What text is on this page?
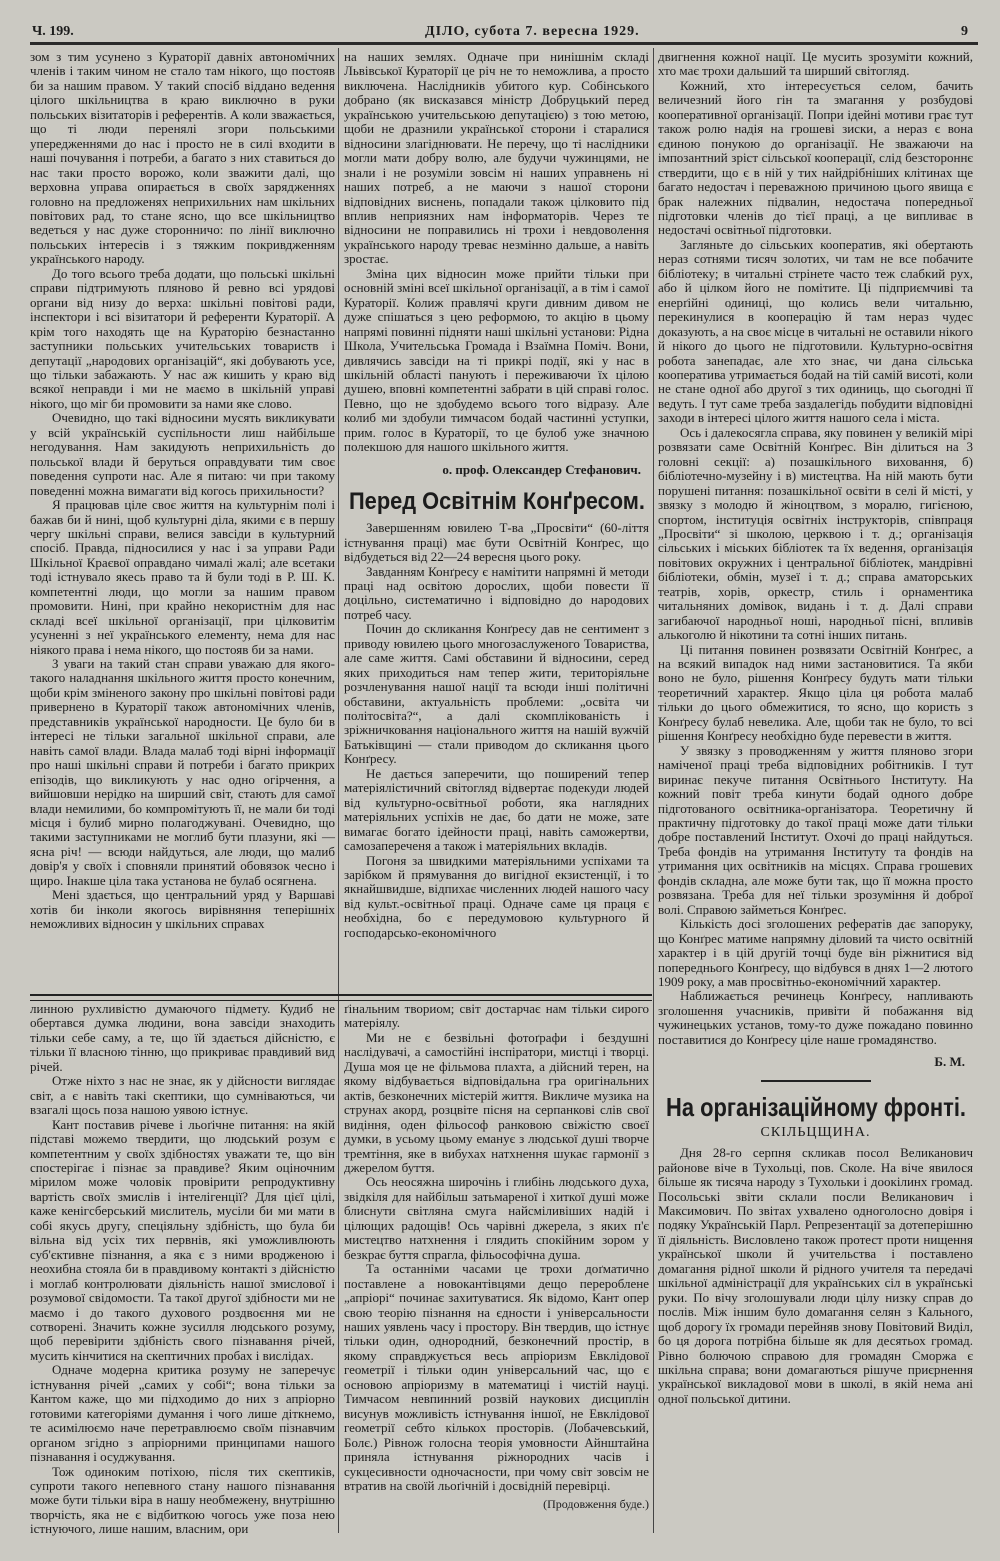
Ч. 199.	ДІЛО, субота 7. вересна 1929.	9

зом з тим усунено з Кураторії давніх автономічних членів і таким чином не стало там нікого, що постояв би за нашим правом. У такий спосіб віддано ведення цілого шкільництва в краю виключно в руки польських візитаторів і референтів. А коли зважається, що ті люди перенялі згори польськими упередженнями до нас і просто не в силі входити в наші почування і потреби, а багато з них ставиться до нас таки просто ворожо, коли зважити далі, що верховна управа опирається в своїх зарядженнях головно на предложенях неприхильних нам шкільних повітових рад, то стане ясно, що все шкільництво ведеться у нас дуже сторонничо: по лінії виключно польських інтересів і з тяжким покривдженням українського народу.

До того всього треба додати, що польські шкільні справи підтримують пляново й ревно всі урядові органи від низу до верха: шкільні повітові ради, інспектори і всі візитатори й референти Кураторії. А крім того находять ще на Кураторію безнастанно заступники польських учительських товариств і депутації „народових організацій“, які добувають усе, що тільки забажають. У нас аж кишить у краю від всякої неправди і ми не маємо в шкільній управі нікого, що міг би промовити за нами яке слово.

Очевидно, що такі відносини мусять викликувати у всій українській суспільности лиш найбільше негодування. Нам закидують неприхильність до польської влади й беруться оправдувати тим своє поведення супроти нас. Але я питаю: чи при такому поведенні можна вимагати від когось прихильности?

Я працював ціле своє життя на культурнім полі і бажав би й нині, щоб культурні діла, якими є в першу чергу шкільні справи, велися завсіди в культурний спосіб. Правда, підносилися у нас і за управи Ради Шкільної Краєвої оправдано чималі жалі; але всетаки тоді істнувало якесь право та й були тоді в Р. Ш. К. компетентні люди, що могли за нашим правом промовити. Нині, при крайно некористнім для нас складі всеї шкільної організації, при цілковитім усуненні з неї українського елементу, нема для нас ніякого права і нема нікого, що постояв би за нами.

З уваги на такий стан справи уважаю для якого-такого наладнання шкільного життя просто конечним, щоби крім зміненого закону про шкільні повітові ради привернено в Кураторії також автономічних членів, представників української народности. Це було би в інтересі не тільки загальної шкільної справи, але навіть самої влади. Влада малаб тоді вірні інформації про наші шкільні справи й потреби і багато прикрих епізодів, що викликують у нас одно огірчення, а вийшовши нерідко на ширший світ, стають для самої влади немилими, бо компромітують її, не мали би тоді місця і булиб мирно полагоджувані. Очевидно, що такими заступниками не моглиб бути плазуни, які — ясна річ! — всюди найдуться, але люди, що малиб довір'я у своїх і сповняли принятий обовязок чесно і щиро. Інакше ціла така установа не булаб осягнена.

Мені здається, що центральний уряд у Варшаві хотів би інколи якогось вирівняння теперішніх неможливих відносин у шкільних справах

на наших землях. Одначе при нинішнім складі Львівської Кураторії це річ не то неможлива, а просто виключена. Наслідників убитого кур. Собінського добрано (як висказався міністр Добруцький перед українською учительською депутацією) з тою метою, щоби не дразнили української сторони і старалися відносини злагіднювати. Не перечу, що ті наслідники могли мати добру волю, але будучи чужинцями, не знали і не розуміли зовсім ні наших управнень ні наших потреб, а не маючи з нашої сторони відповідних виснень, попадали також цілковито під вплив неприязних нам інформаторів. Через те відносини не поправились ні трохи і невдоволення українського народу треває незмінно дальше, а навіть зростає.

Зміна цих відносин може прийти тільки при основній зміні всеї шкільної організації, а в тім і самої Кураторії. Колиж правлячі круги дивним дивом не дуже спішаться з цею реформою, то акцію в цьому напрямі повинні підняти наші шкільні установи: Рідна Школа, Учительська Громада і Взаїмна Поміч. Вони, дивлячись завсіди на ті прикрі події, які у нас в шкільній області панують і переживаючи їх цілою душею, вповні компетентні забрати в цій справі голос. Певно, що не здобудемо всього того відразу. Але колиб ми здобули тимчасом бодай частинні уступки, прим. голос в Кураторії, то це булоб уже значною полекшою для нашого шкільного життя.

о. проф. Олександер Стефанович.
Перед Освітнім Конґресом.

Завершенням ювилею Т-ва „Просвіти“ (60-ліття істнування праці) має бути Освітній Конґрес, що відбудеться від 22—24 вересня цього року.

Завданням Конґресу є намітити напрямні й методи праці над освітою дорослих, щоби повести її доцільно, систематично і відповідно до народових потреб часу.

Почин до скликання Конґресу дав не сентимент з приводу ювилею цього многозаслуженого Товариства, але саме життя. Самі обставини й відносини, серед яких приходиться нам тепер жити, територіяльне розчленування нашої нації та всюди інші політичні обставини, актуальність проблеми: „освіта чи політосвіта?“, а далі скомплікованість і зріжничковання національного життя на нашій вужчій Батьківщині — стали приводом до скликання цього Конґресу.

Не дається заперечити, що поширений тепер матеріялістичний світогляд відвертає подекуди людей від культурно-освітньої роботи, яка наглядних матеріяльних успіхів не дає, бо дати не може, зате вимагає богато ідейности праці, навіть саможертви, самозапереченя а також і матеріяльних вкладів.

Погоня за швидкими матеріяльними успіхами та зарібком й прямування до вигідної екзистенції, і то якнайшвидше, відпихає численних людей нашого часу від культ.-освітньої праці. Одначе саме ця праця є необхідна, бо є передумовою культурного й господарсько-економічного

двигнення кожної нації. Це мусить зрозуміти кожний, хто має трохи дальший та ширший світогляд.

Кожний, хто інтересується селом, бачить величезний його гін та змагання у розбудові кооперативної організації. Попри ідейні мотиви грає тут також ролю надія на грошеві зиски, а нераз є вона єдиною понукою до організації. Не зважаючи на імпозантний зріст сільської кооперації, слід безстороннє ствердити, що є в ній у тих найдрібніших клітинах ще багато недостач і переважною причиною цього явища є брак належних підвалин, недостача попередньої підготовки членів до тієї праці, а це випливає в недостачі освітньої підготовки.

Загляньте до сільських кооператив, які обертають нераз сотнями тисяч золотих, чи там не все побачите бібліотеку; в читальні стрінете часто теж слабкий рух, або й цілком його не помітите. Ці підприємчиві та енерґійні одиниці, що колись вели читальню, перекинулися в кооперацію й там нераз чудес доказують, а на своє місце в читальні не оставили нікого й нікого до цього не підготовили. Культурно-освітня робота занепадає, але хто знає, чи дана сільська кооператива утримається бодай на тій самій висоті, коли не стане одної або другої з тих одиниць, що сьогодні її ведуть. І тут саме треба заздалегідь побудити відповідні заходи в інтересі цілого життя нашого села і міста.

Ось і далекосягла справа, яку повинен у великій мірі розвязати саме Освітній Конґрес. Він ділиться на 3 головні секції: а) позашкільного виховання, б) бібліотечно-музейну і в) мистецтва. На ній мають бути порушені питання: позашкільної освіти в селі й місті, у звязку з молодю й жіноцтвом, з моралю, гигієною, спортом, інституція освітніх інструкторів, співпраця „Просвіти“ зі школою, церквою і т. д.; організація сільських і міських бібліотек та їх ведення, організація повітових окружних і центральної бібліотек, мандрівні бібліотеки, обмін, музеї і т. д.; справа аматорських театрів, хорів, оркестр, стиль і орнаментика читальняних домівок, видань і т. д. Далі справи загибаючої народньої ноші, народньої пісні, впливів алькоголю й нікотини та сотні інших питань.

Ці питання повинен розвязати Освітній Конґрес, а на всякий випадок над ними застановитися. Та якби воно не було, рішення Конґресу будуть мати тільки теоретичний характер. Якщо ціла ця робота малаб тільки до цього обмежитися, то ясно, що користь з Конґресу булаб невелика. Але, щоби так не було, то всі рішення Конґресу необхідно буде перевести в життя.

У звязку з проводженням у життя пляново згори наміченої праці треба відповідних робітників. І тут виринає пекуче питання Освітнього Інституту. На кожний повіт треба кинути бодай одного добре підготованого освітника-організатора. Теоретичну й практичну підготовку до такої праці може дати тільки добре поставлений Інститут. Охочі до праці найдуться. Треба фондів на утримання Інституту та фондів на утримання цих освітників на місцях. Справа грошевих фондів складна, але може бути так, що її можна просто розвязана. Треба для неї тільки зрозуміння й доброї волі. Справою займеться Конґрес.

Кількість досі зголошених рефератів дає запоруку, що Конґрес матиме напрямну діловий та чисто освітній характер і в цій другій точці буде він ріжнитися від попереднього Конґресу, що відбувся в днях 1—2 лютого 1909 року, а мав просвітньо-економічний характер.

Наближається речинець Конґресу, напливають зголошення учасників, привіти й побажання від чужинецьких установ, тому-то дуже пожадано повинно поставитися до Конґресу ціле наше громадянство.

Б. М.
На організаційному фронті.
СКІЛЬЦЩИНА.

Дня 28-го серпня скликав посол Великанович районове віче в Тухольці, пов. Сколе. На віче явилося більше як тисяча народу з Тухольки і доокілинх громад. Посольські звіти склали посли Великанович і Максимович. По звітах ухвалено одноголосно довіря і подяку Українській Парл. Репрезентації за дотеперішню її діяльність. Висловлено також протест проти нищення української школи й учительства і поставлено домагання рідної школи й рідного учителя та передачі шкільної адміністрації для українських сіл в українські руки. По вічу зголошували люди цілу низку справ до послів. Між іншим було домагання селян з Кального, щоб дорогу їх громади перейняв знову Повітовий Виділ, бо ця дорога потрібна більше як для десятьох громад. Рівно болючою справою для громадян Сморжа є шкільна справа; вони домагаються рішуче приєрнення української викладової мови в школі, в якій нема ані одної польської дитини.

линною рухливістю думаючого підмету. Кудиб не обертався думка людини, вона завсіди знаходить тільки себе саму, а те, що їй здається дійсністю, є тільки її власною тінню, що прикриває правдивий вид річей.

Отже ніхто з нас не знає, як у дійсности виглядає світ, а є навіть такі скептики, що сумніваються, чи взагалі щось поза нашою уявою істнує.

Кант поставив річеве і льоґічне питання: на якій підставі можемо твердити, що людський розум є компетентним у своїх здібностях уважати те, що він спостерігає і пізнає за правдиве? Яким оціночним мірилом може чоловік провірити репродуктивну вартість своїх змислів і інтелігенції? Для цієї цілі, каже кенігсберський мислитель, мусіли би ми мати в собі якусь другу, спеціяльну здібність, що була би вільна від усіх тих первнів, які уможливлюють суб'єктивне пізнання, а яка є з ними вродженою і неохибна стояла би в правдивому контакті з дійсністю і моглаб контролювати діяльність нашої змислової і розумової свідомости. Та такої другої здібности ми не маємо і до такого духового роздвоєння ми не сотворені. Значить кожне зусилля людського розуму, щоб перевірити здібність свого пізнавання річей, мусить кінчитися на скептичних пробах і вислідах.

Одначе модерна критика розуму не заперечує істнування річей „самих у собі“; вона тільки за Кантом каже, що ми підходимо до них з апріорно готовими категоріями думання і чого лише діткнемо, те асимілюємо наче перетравлюємо своїм пізнавчим органом згідно з апріорними принципами нашого пізнавання і осуджування.

Тож одиноким потіхою, після тих скептиків, супроти такого непевного стану нашого пізнавання може бути тільки віра в нашу необмежену, внутрішню творчість, яка не є відбиткою чогось уже поза нею істнуючого, лише нашим, власним, ори

ґінальним твориом; світ достарчає нам тільки сирого матеріялу.

Ми не є безвільні фотоґрафи і бездушні наслідувачі, а самостійні інспіратори, мистці і творці. Душа моя це не фільмова плахта, а дійсний терен, на якому відбувається відповідальна гра оригінальних актів, безконечних містерій життя. Викличе музика на струнах акорд, розцвіте пісня на серпанкові слів свої видіння, оден фільософ ранковою свіжістю своєї думки, в усьому цьому еманує з людської душі творче тремтіння, яке в вибухах натхнення шукає гармонії з джерелом буття.

Ось неосяжна широчінь і глибінь людського духа, звідкіля для найбільш затьмареної і хиткої душі може блиснути світляна смуга найсміливіших надій і цілющих радощів! Ось чарівні джерела, з яких п'є мистецтво натхнення і глядить спокійним зором у безкрає буття спрагла, фільософічна душа.

Та останніми часами це трохи доґматично поставлене а новокантівцями дещо перероблене „апріорі“ починає захитуватися. Як відомо, Кант опер свою теорію пізнання на єдности і універсальности наших уявлень часу і простору. Він твердив, що істнує тільки один, однородний, безконечний простір, в якому справджується весь апріоризм Евклідової геометрії і тільки один універсальний час, що є основою апріоризму в математиці і чистій науці. Тимчасом невпинний розвій наукових дисциплін висунув можливість істнування іншої, не Евклідової геометрії себто кількох просторів. (Лобачевський, Болє.) Рівнож голосна теорія умовности Айнштайна приняла істнування ріжнородних часів і сукцесивности одночасности, при чому світ зовсім не втратив на своїй льоґічній і досвідній перевірці.

(Продовження буде.)
